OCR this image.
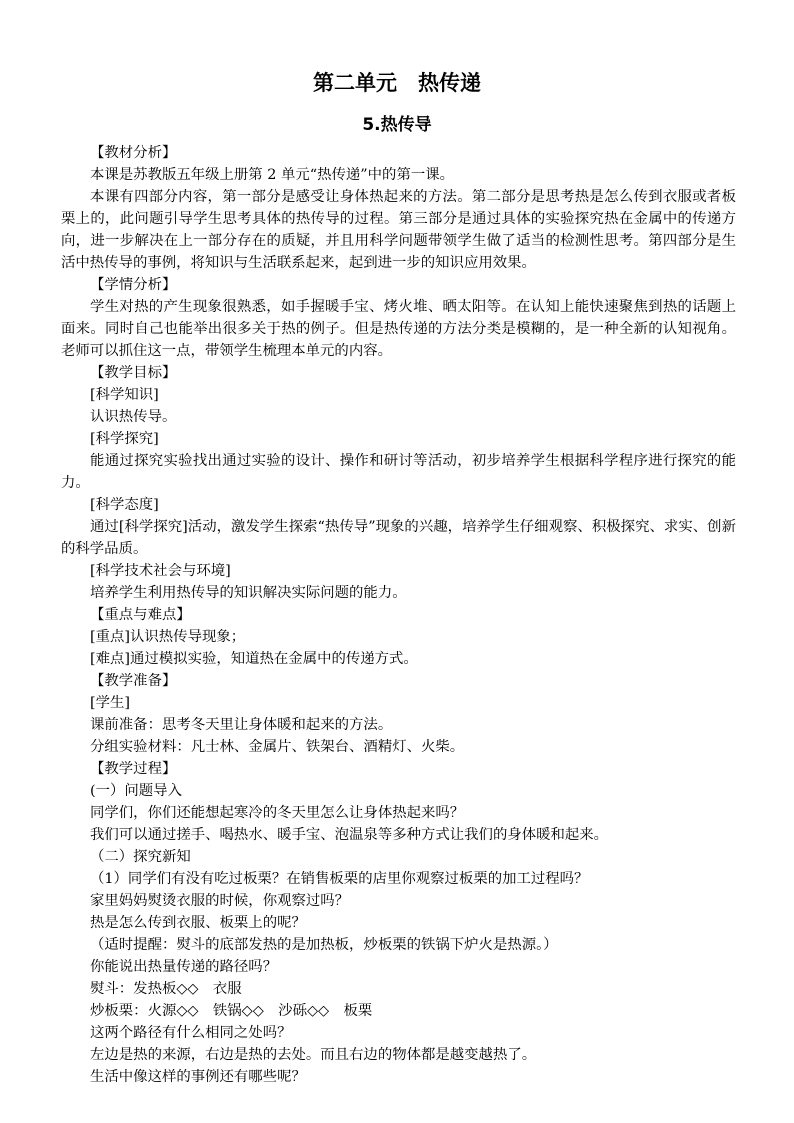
第二单元　热传递
5.热传导

【教材分析】

本课是苏教版五年级上册第 2 单元“热传递”中的第一课。

本课有四部分内容，第一部分是感受让身体热起来的方法。第二部分是思考热是怎么传到衣服或者板栗上的，此问题引导学生思考具体的热传导的过程。第三部分是通过具体的实验探究热在金属中的传递方向，进一步解决在上一部分存在的质疑，并且用科学问题带领学生做了适当的检测性思考。第四部分是生活中热传导的事例，将知识与生活联系起来，起到进一步的知识应用效果。

【学情分析】

学生对热的产生现象很熟悉，如手握暖手宝、烤火堆、晒太阳等。在认知上能快速聚焦到热的话题上面来。同时自己也能举出很多关于热的例子。但是热传递的方法分类是模糊的，是一种全新的认知视角。老师可以抓住这一点，带领学生梳理本单元的内容。

【教学目标】

[科学知识]

认识热传导。

[科学探究]

能通过探究实验找出通过实验的设计、操作和研讨等活动，初步培养学生根据科学程序进行探究的能力。

[科学态度]

通过[科学探究]活动，激发学生探索“热传导”现象的兴趣，培养学生仔细观察、积极探究、求实、创新的科学品质。

[科学技术社会与环境]

培养学生利用热传导的知识解决实际问题的能力。

【重点与难点】

[重点]认识热传导现象；

[难点]通过模拟实验，知道热在金属中的传递方式。

【教学准备】

[学生]

课前准备：思考冬天里让身体暖和起来的方法。

分组实验材料：凡士林、金属片、铁架台、酒精灯、火柴。

【教学过程】

(一）问题导入

同学们，你们还能想起寒冷的冬天里怎么让身体热起来吗？

我们可以通过搓手、喝热水、暖手宝、泡温泉等多种方式让我们的身体暖和起来。

（二）探究新知

（1）同学们有没有吃过板栗？在销售板栗的店里你观察过板栗的加工过程吗？

家里妈妈熨烫衣服的时候，你观察过吗？

热是怎么传到衣服、板栗上的呢？

（适时提醒：熨斗的底部发热的是加热板，炒板栗的铁锅下炉火是热源。）

你能说出热量传递的路径吗？

熨斗：发热板◇◇　衣服

炒板栗：火源◇◇　铁锅◇◇　沙砾◇◇　板栗

这两个路径有什么相同之处吗？

左边是热的来源，右边是热的去处。而且右边的物体都是越变越热了。

生活中像这样的事例还有哪些呢？
